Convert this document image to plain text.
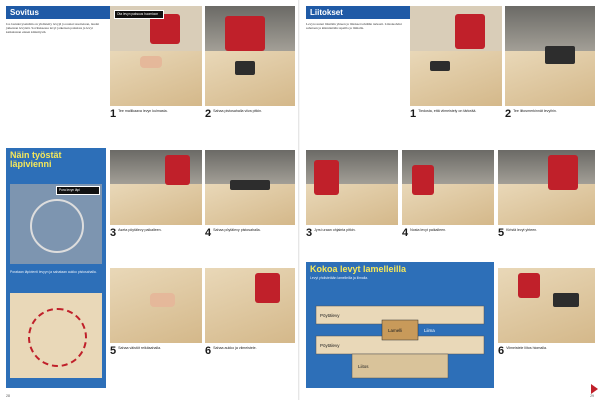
Sovitus
Jos lastulevyseinään on yhdistetty levyjä ja reunat tasoitetaan, laudat jatketaan levyistä. Sovituksessa levyt jatketaan palasista ja levyt katkaistaan ennen kiinnitystä.
Ota levyn paksuus huomioon
1 Tee mallikaava levyn kulmasta.	2 Sahaa pistosahalla viiva pitkin.
Näin työstät läpivienni
Pora levyn läpi
Porataan läpivienti levyyn ja sahataan aukko pistosahalla.
3 Aseta pöytälevy paikalleen.	4 Sahaa pöytälevy pistosahalla.
5 Sahaa väistöt reikäsahalla.	6 Sahaa aukko ja viimeistele.
28
Liitokset
Levyn reunat liitetään yhteen ja liitokset tehdään tarkasti. Liitoskohdat sahataan ja kiinnitetään tapeilla ja liimalla.
1 Tiedosta, että viimeistely on tärkeää.	2 Tee liitosmerkinnät levyihin.
3 Jyrsi uraan ohjainta pitkin.	4 Nosta levyt paikalleen.	5 Kiristä levyt yhteen.
Kokoa levyt lamelleilla
Levyt yhdistetään lamelleilla ja liimalla.
Pöytälevy
Lamelli
Pöytälevy
Liima
Liitos
6 Viimeistele liitos hiomalla.
29
